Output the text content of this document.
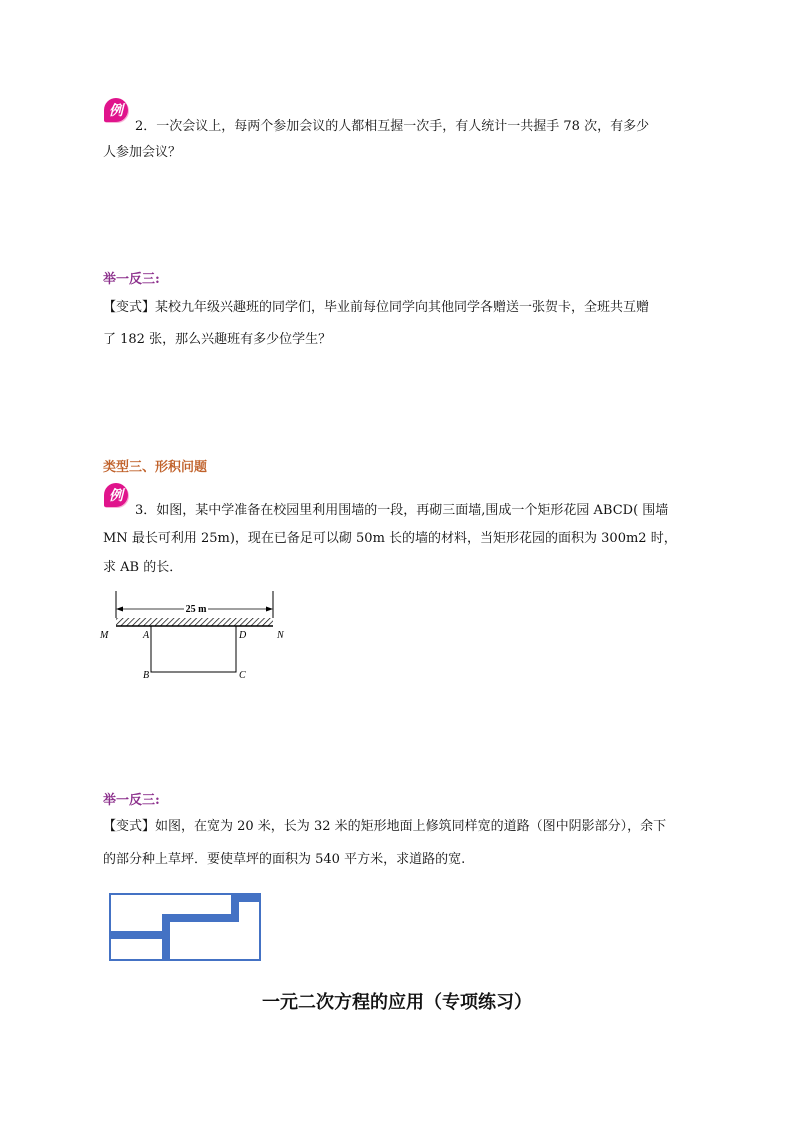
例
2．一次会议上，每两个参加会议的人都相互握一次手，有人统计一共握手 78 次，有多少
人参加会议？
举一反三:
【变式】某校九年级兴趣班的同学们，毕业前每位同学向其他同学各赠送一张贺卡，全班共互赠
了 182 张，那么兴趣班有多少位学生？
类型三、形积问题
例
3．如图，某中学准备在校园里利用围墙的一段，再砌三面墙,围成一个矩形花园 ABCD( 围墙
MN 最长可利用 25m)，现在已备足可以砌 50m 长的墙的材料，当矩形花园的面积为 300m2 时，
求 AB 的长．
25 m
M	N
A	D
B	C
举一反三:
【变式】如图，在宽为 20 米，长为 32 米的矩形地面上修筑同样宽的道路（图中阴影部分），余下
的部分种上草坪．要使草坪的面积为 540 平方米，求道路的宽.
一元二次方程的应用（专项练习）
